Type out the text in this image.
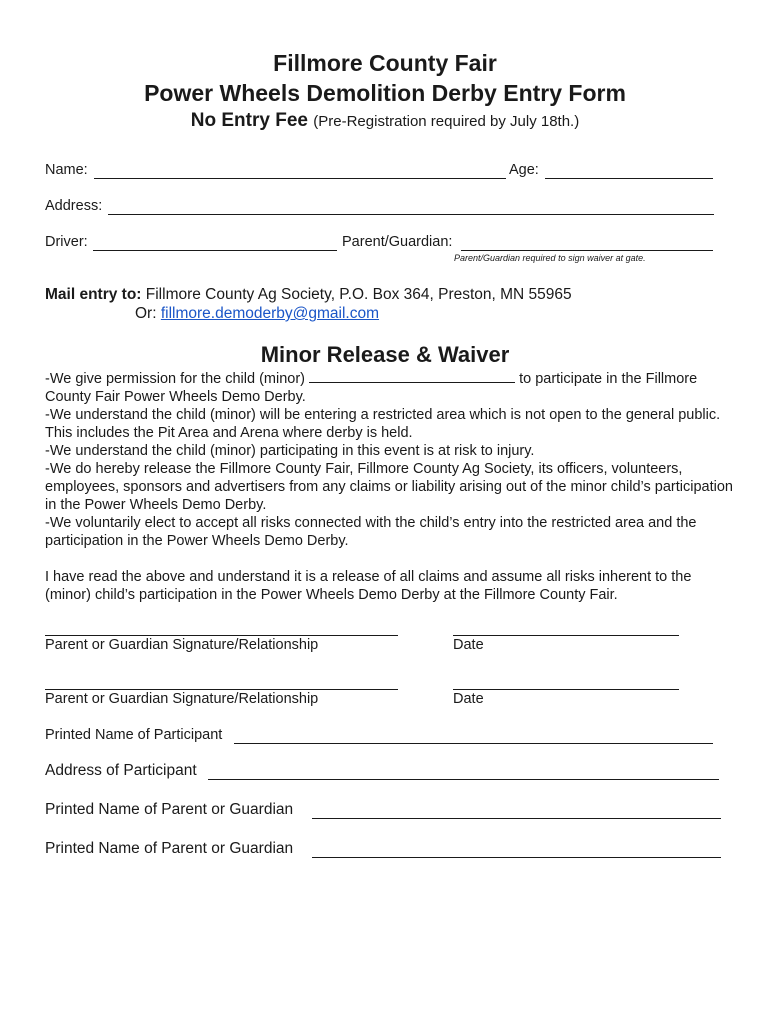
Fillmore County Fair
Power Wheels Demolition Derby Entry Form
No Entry Fee (Pre-Registration required by July 18th.)
Name:	Age:
Address:
Driver:	Parent/Guardian:
Parent/Guardian required to sign waiver at gate.
Mail entry to: Fillmore County Ag Society, P.O. Box 364, Preston, MN 55965
Or: fillmore.demoderby@gmail.com
Minor Release & Waiver

-We give permission for the child (minor)	to participate in the Fillmore County Fair Power Wheels Demo Derby.

-We understand the child (minor) will be entering a restricted area which is not open to the general public. This includes the Pit Area and Arena where derby is held.

-We understand the child (minor) participating in this event is at risk to injury.

-We do hereby release the Fillmore County Fair, Fillmore County Ag Society, its officers, volunteers, employees, sponsors and advertisers from any claims or liability arising out of the minor child’s participation in the Power Wheels Demo Derby.

-We voluntarily elect to accept all risks connected with the child’s entry into the restricted area and the participation in the Power Wheels Demo Derby.

I have read the above and understand it is a release of all claims and assume all risks inherent to the (minor) child’s participation in the Power Wheels Demo Derby at the Fillmore County Fair.

Parent or Guardian Signature/Relationship	Date
Parent or Guardian Signature/Relationship	Date
Printed Name of Participant
Address of Participant
Printed Name of Parent or Guardian
Printed Name of Parent or Guardian
